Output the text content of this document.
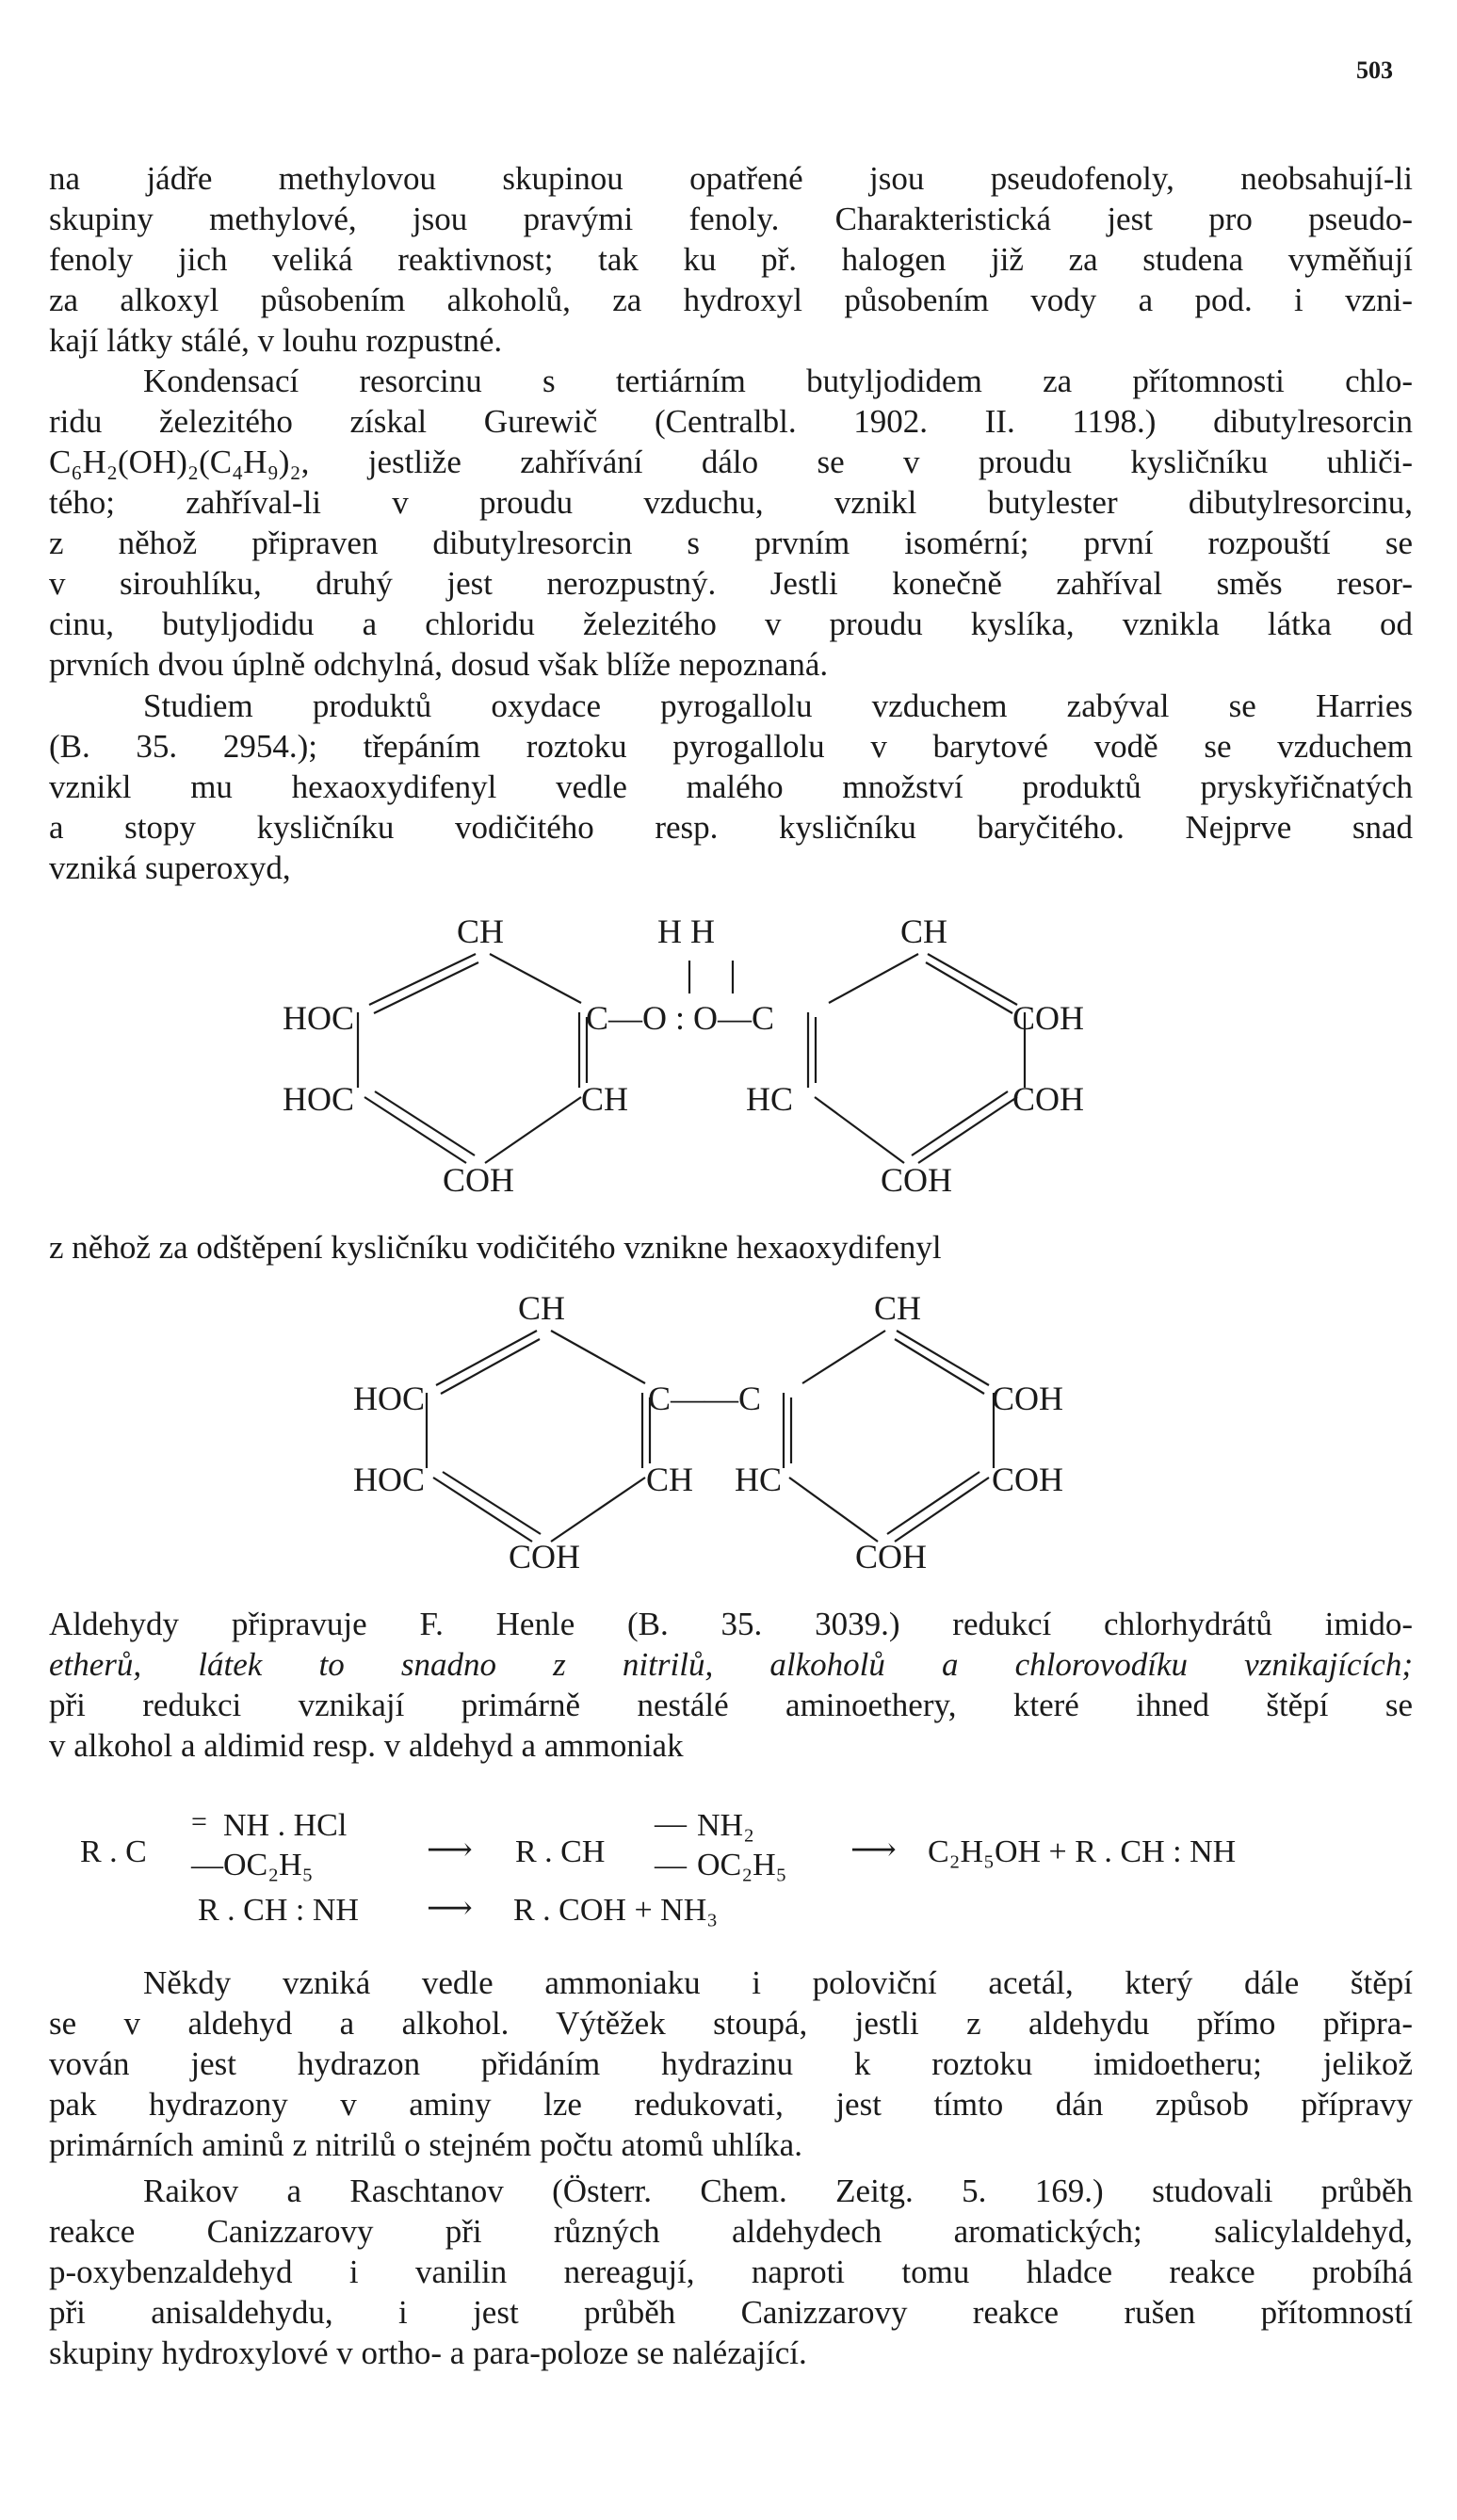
503
na jádře methylovou skupinou opatřené jsou pseudofenoly, neobsahují-li
skupiny methylové, jsou pravými fenoly. Charakteristická jest pro pseudo-
fenoly jich veliká reaktivnost; tak ku př. halogen již za studena vyměňují
za alkoxyl působením alkoholů, za hydroxyl působením vody a pod. i vzni-
kají látky stálé, v louhu rozpustné.
Kondensací resorcinu s tertiárním butyljodidem za přítomnosti chlo-
ridu železitého získal Gurewič (Centralbl. 1902. II. 1198.) dibutylresorcin
C₆H₂(OH)₂(C₄H₉)₂, jestliže zahřívání dálo se v proudu kysličníku uhliči-
tého; zahříval-li v proudu vzduchu, vznikl butylester dibutylresorcinu,
z něhož připraven dibutylresorcin s prvním isomérní; první rozpouští se
v sirouhlíku, druhý jest nerozpustný. Jestli konečně zahříval směs resor-
cinu, butyljodidu a chloridu železitého v proudu kyslíka, vznikla látka od
prvních dvou úplně odchylná, dosud však blíže nepoznaná.
Studiem produktů oxydace pyrogallolu vzduchem zabýval se Harries
(B. 35. 2954.); třepáním roztoku pyrogallolu v barytové vodě se vzduchem
vznikl mu hexaoxydifenyl vedle malého množství produktů pryskyřičnatých
a stopy kysličníku vodičitého resp. kysličníku baryčitého. Nejprve snad
vzniká superoxyd,
CH	H H	CH
HOC	C—O : O—C	COH
HOC	CH	HC	COH
COH	COH
z něhož za odštěpení kysličníku vodičitého vznikne hexaoxydifenyl
CH	CH
HOC	C——C	COH
HOC	CH HC	COH
COH	COH
Aldehydy připravuje F. Henle (B. 35. 3039.) redukcí chlorhydrátů imido-
etherů, látek to snadno z nitrilů, alkoholů a chlorovodíku vznikajících;
při redukci vznikají primárně nestálé aminoethery, které ihned štěpí se
v alkohol a aldimid resp. v aldehyd a ammoniak
R . C
= NH . HCl
— OC₂H₅	⟶ R . CH
— NH₂
— OC₂H₅ ⟶ C₂H₅OH + R . CH : NH
R . CH : NH ⟶ R . COH + NH₃
Někdy vzniká vedle ammoniaku i poloviční acetál, který dále štěpí
se v aldehyd a alkohol. Výtěžek stoupá, jestli z aldehydu přímo připra-
vován jest hydrazon přidáním hydrazinu k roztoku imidoetheru; jelikož
pak hydrazony v aminy lze redukovati, jest tímto dán způsob přípravy
primárních aminů z nitrilů o stejném počtu atomů uhlíka.
Raikov a Raschtanov (Österr. Chem. Zeitg. 5. 169.) studovali průběh
reakce Canizzarovy při různých aldehydech aromatických; salicylaldehyd,
p-oxybenzaldehyd i vanilin nereagují, naproti tomu hladce reakce probíhá
při anisaldehydu, i jest průběh Canizzarovy reakce rušen přítomností
skupiny hydroxylové v ortho- a para-poloze se nalézající.
